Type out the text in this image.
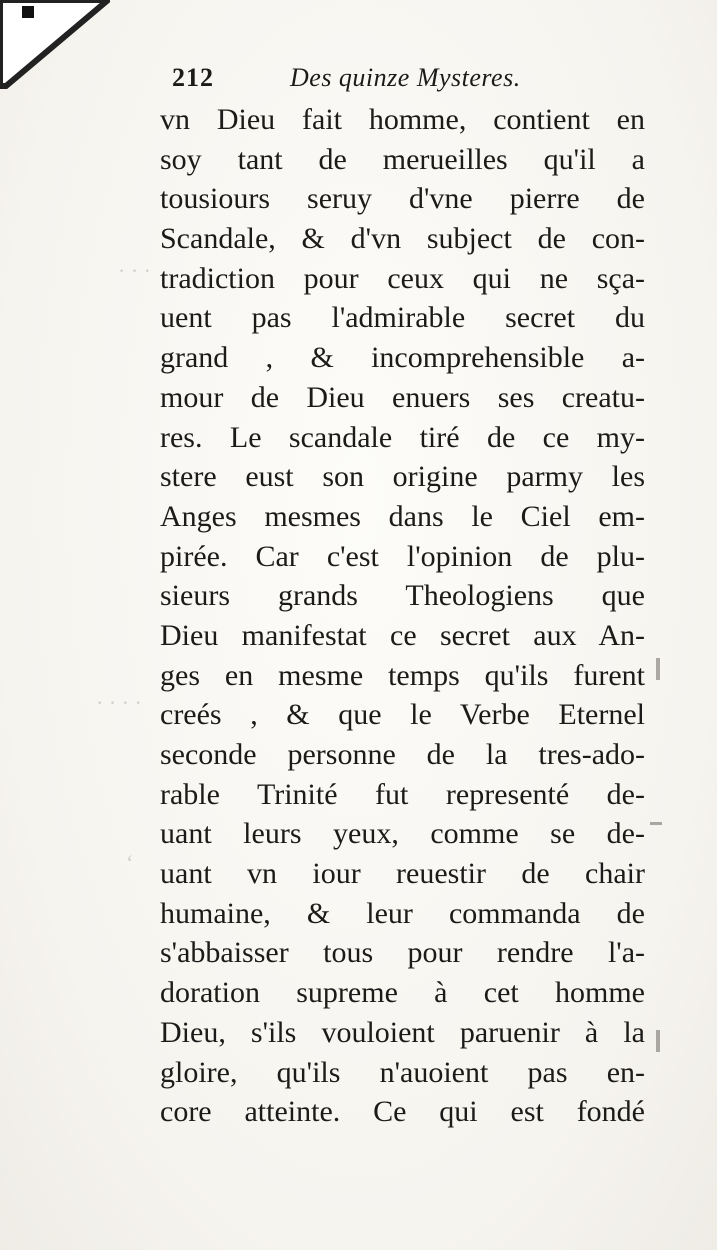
· · ·
· · · ·
‘
212	Des quinze Mysteres.
vn Dieu fait homme, contient en
soy tant de merueilles qu'il a
tousiours seruy d'vne pierre de
Scandale, & d'vn subject de con-
tradiction pour ceux qui ne sça-
uent pas l'admirable secret du
grand , & incomprehensible a-
mour de Dieu enuers ses creatu-
res. Le scandale tiré de ce my-
stere eust son origine parmy les
Anges mesmes dans le Ciel em-
pirée. Car c'est l'opinion de plu-
sieurs grands Theologiens que
Dieu manifestat ce secret aux An-
ges en mesme temps qu'ils furent
creés , & que le Verbe Eternel
seconde personne de la tres-ado-
rable Trinité fut representé de-
uant leurs yeux, comme se de-
uant vn iour reuestir de chair
humaine, & leur commanda de
s'abbaisser tous pour rendre l'a-
doration supreme à cet homme
Dieu, s'ils vouloient paruenir à la
gloire, qu'ils n'auoient pas en-
core atteinte. Ce qui est fondé
